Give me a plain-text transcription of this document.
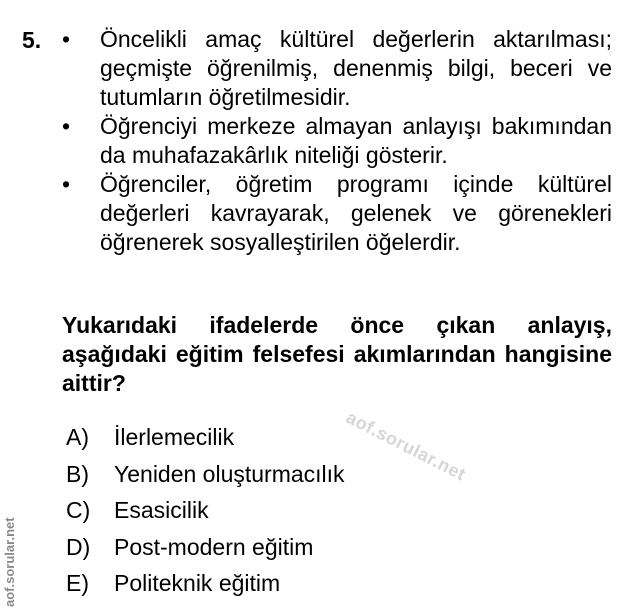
5. •	Öncelikli amaç kültürel değerlerin aktarılması; geçmişte öğrenilmiş, denenmiş bilgi, beceri ve tutumların öğretilmesidir.
•	Öğrenciyi merkeze almayan anlayışı bakımından da muhafazakârlık niteliği gösterir.
•	Öğrenciler, öğretim programı içinde kültürel değerleri kavrayarak, gelenek ve görenekleri öğrenerek sosyalleştirilen öğelerdir.
Yukarıdaki ifadelerde önce çıkan anlayış, aşağıdaki eğitim felsefesi akımlarından hangisine aittir?
aof.sorular.net
A)	İlerlemecilik
B)	Yeniden oluşturmacılık
C)	Esasicilik
D)	Post-modern eğitim
E)	Politeknik eğitim
aof.sorular.net
